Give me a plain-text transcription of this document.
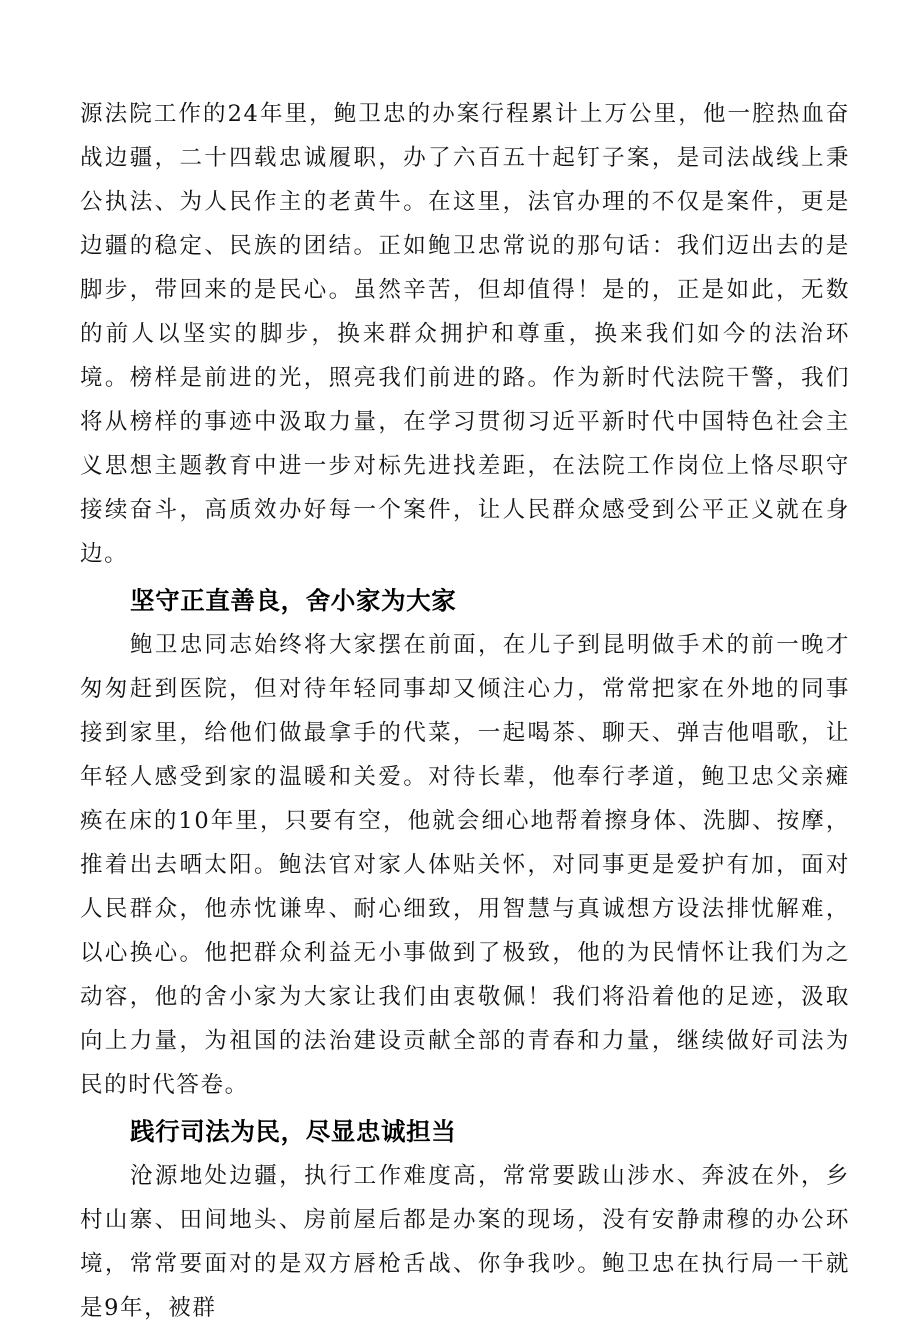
源法院工作的24年里，鲍卫忠的办案行程累计上万公里，他一腔热血奋战边疆，二十四载忠诚履职，办了六百五十起钉子案，是司法战线上秉公执法、为人民作主的老黄牛。在这里，法官办理的不仅是案件，更是边疆的稳定、民族的团结。正如鲍卫忠常说的那句话：我们迈出去的是脚步，带回来的是民心。虽然辛苦，但却值得！是的，正是如此，无数的前人以坚实的脚步，换来群众拥护和尊重，换来我们如今的法治环境。榜样是前进的光，照亮我们前进的路。作为新时代法院干警，我们将从榜样的事迹中汲取力量，在学习贯彻习近平新时代中国特色社会主义思想主题教育中进一步对标先进找差距，在法院工作岗位上恪尽职守接续奋斗，高质效办好每一个案件，让人民群众感受到公平正义就在身边。

坚守正直善良，舍小家为大家

鲍卫忠同志始终将大家摆在前面，在儿子到昆明做手术的前一晚才匆匆赶到医院，但对待年轻同事却又倾注心力，常常把家在外地的同事接到家里，给他们做最拿手的代菜，一起喝茶、聊天、弹吉他唱歌，让年轻人感受到家的温暖和关爱。对待长辈，他奉行孝道，鲍卫忠父亲瘫痪在床的10年里，只要有空，他就会细心地帮着擦身体、洗脚、按摩，推着出去晒太阳。鲍法官对家人体贴关怀，对同事更是爱护有加，面对人民群众，他赤忱谦卑、耐心细致，用智慧与真诚想方设法排忧解难，以心换心。他把群众利益无小事做到了极致，他的为民情怀让我们为之动容，他的舍小家为大家让我们由衷敬佩！我们将沿着他的足迹，汲取向上力量，为祖国的法治建设贡献全部的青春和力量，继续做好司法为民的时代答卷。

践行司法为民，尽显忠诚担当

沧源地处边疆，执行工作难度高，常常要跋山涉水、奔波在外，乡村山寨、田间地头、房前屋后都是办案的现场，没有安静肃穆的办公环境，常常要面对的是双方唇枪舌战、你争我吵。鲍卫忠在执行局一干就是9年，被群
